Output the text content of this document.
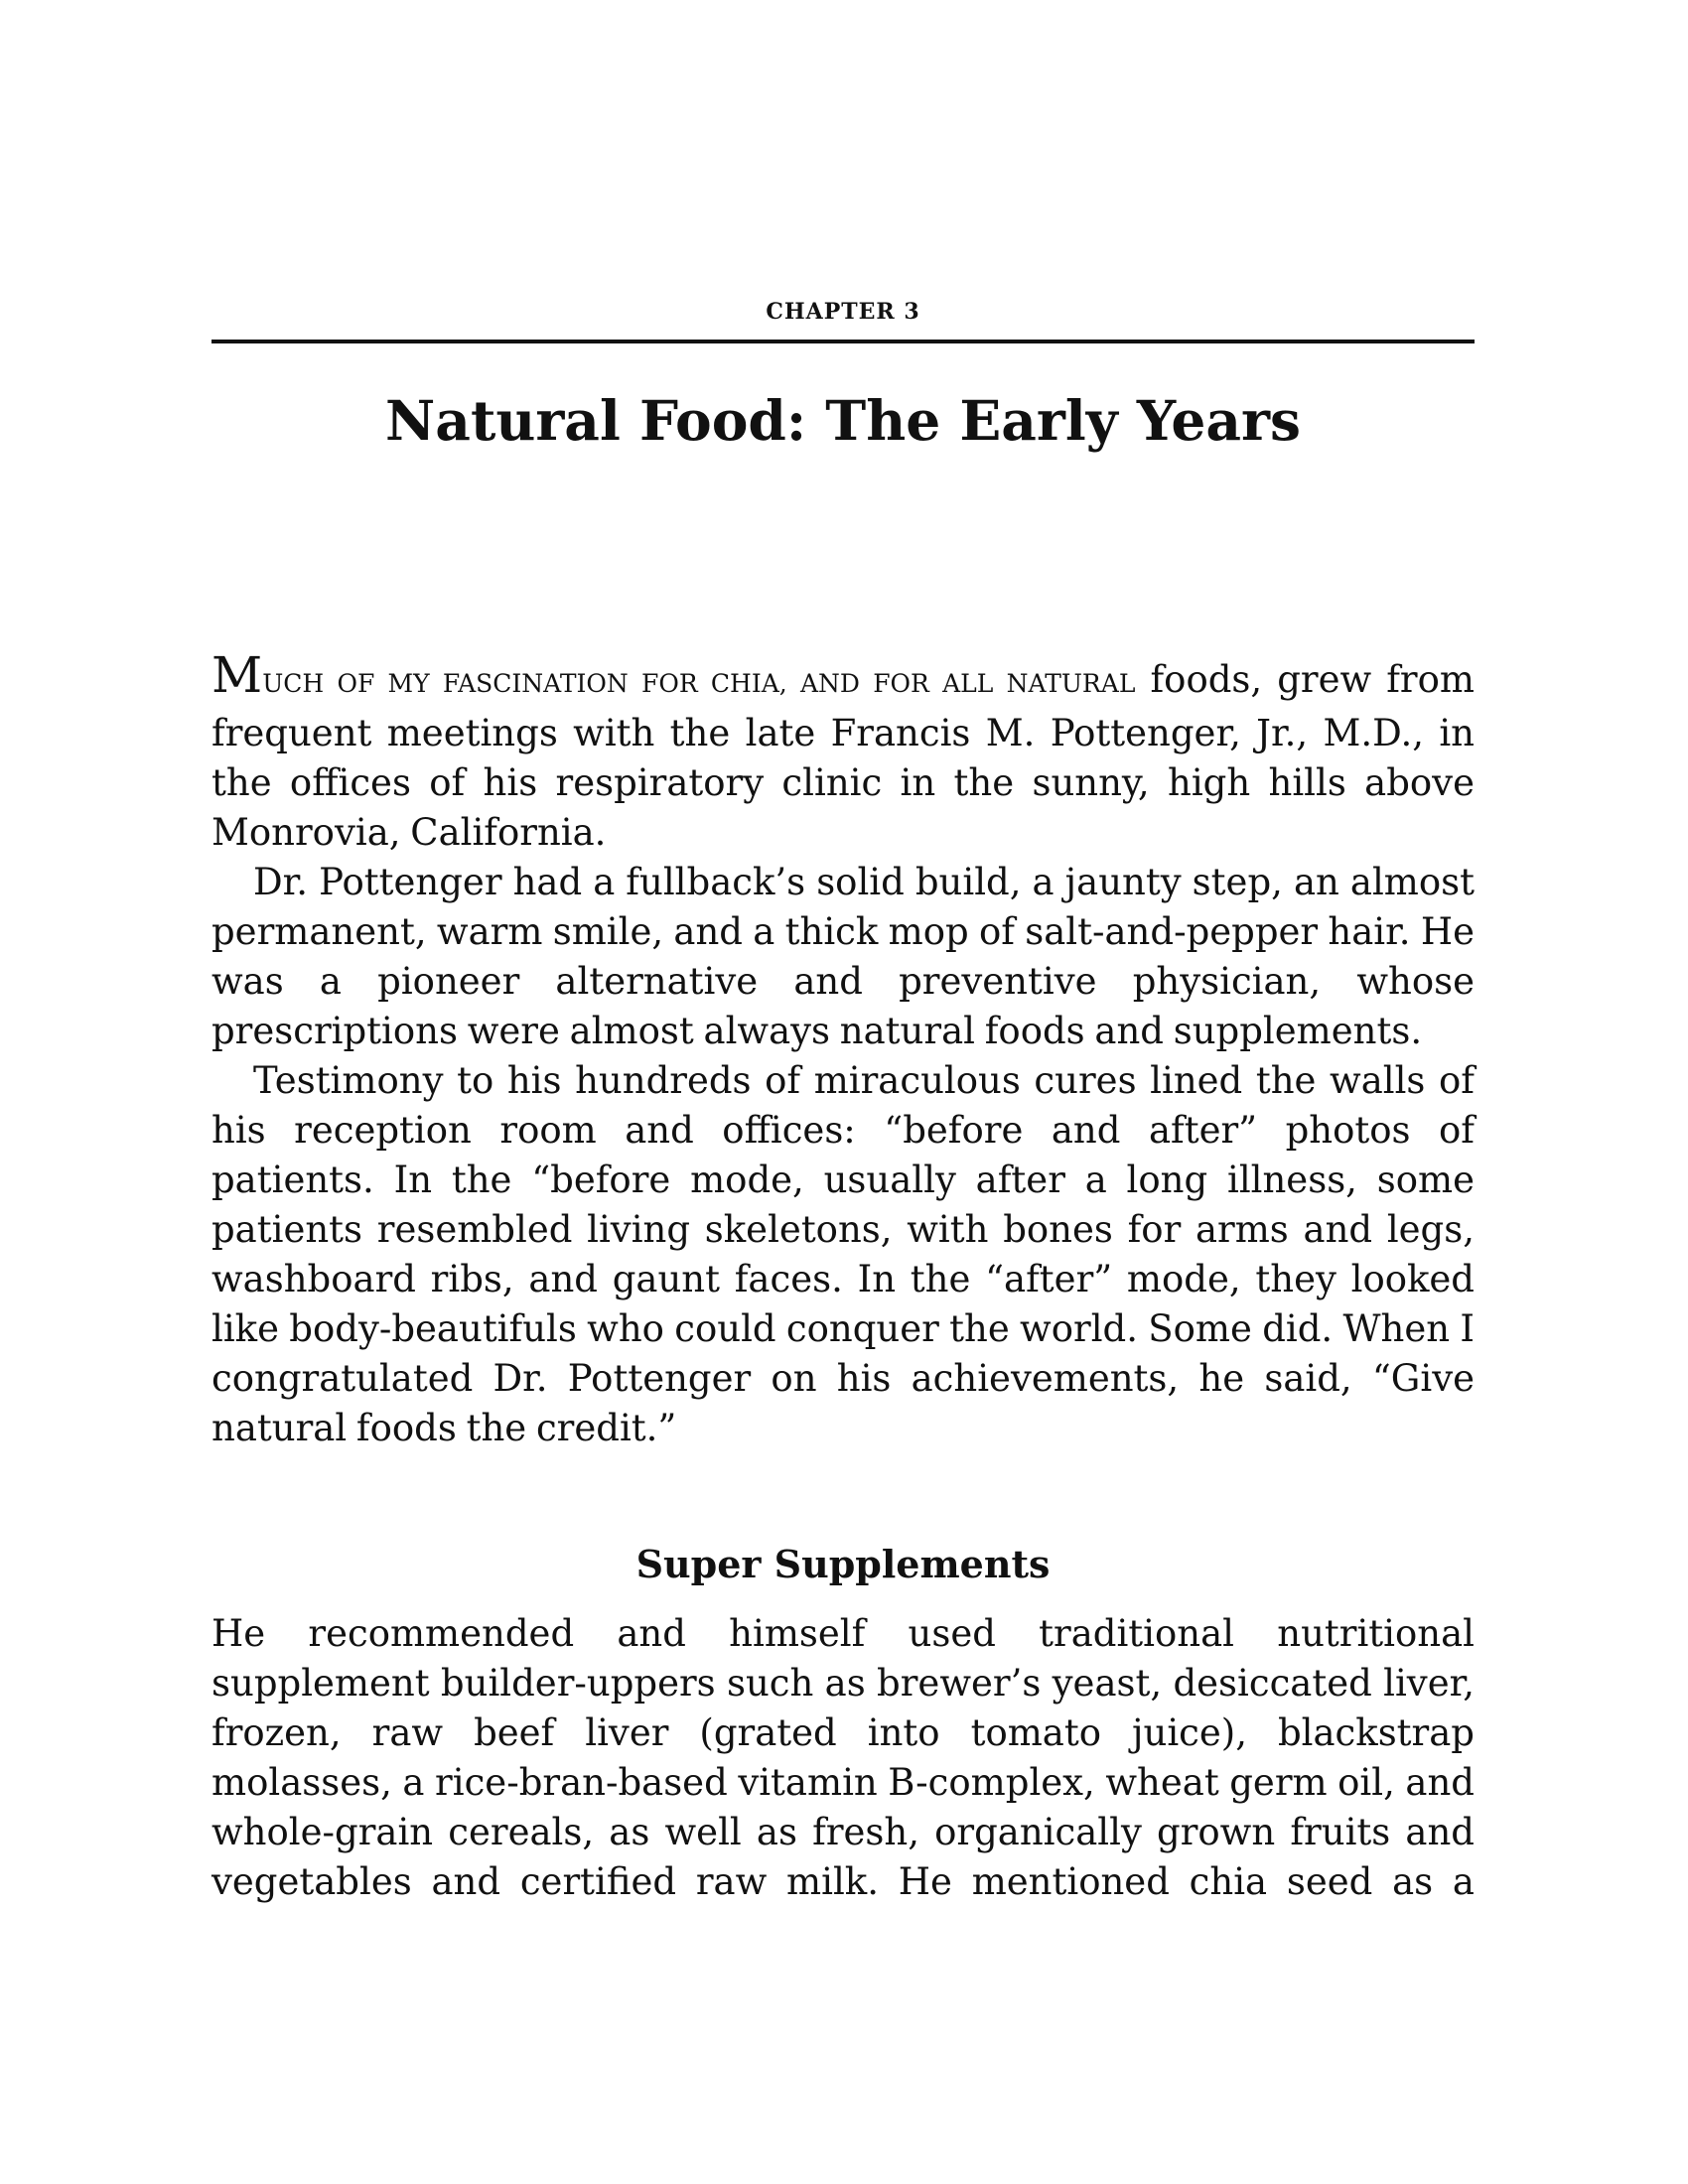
CHAPTER 3
Natural Food: The Early Years

MUCH OF MY FASCINATION FOR CHIA, AND FOR ALL NATURAL foods, grew from frequent meetings with the late Francis M. Pottenger, Jr., M.D., in the offices of his respiratory clinic in the sunny, high hills above Monrovia, California.

Dr. Pottenger had a fullback’s solid build, a jaunty step, an almost permanent, warm smile, and a thick mop of salt-and-pepper hair. He was a pioneer alternative and preventive physician, whose prescriptions were almost always natural foods and supplements.

Testimony to his hundreds of miraculous cures lined the walls of his reception room and offices: “before and after” photos of patients. In the “before mode, usually after a long illness, some patients resembled living skeletons, with bones for arms and legs, washboard ribs, and gaunt faces. In the “after” mode, they looked like body-beautifuls who could conquer the world. Some did. When I congratulated Dr. Pottenger on his achievements, he said, “Give natural foods the credit.”

Super Supplements

He recommended and himself used traditional nutritional supplement builder-uppers such as brewer’s yeast, desiccated liver, frozen, raw beef liver (grated into tomato juice), blackstrap molasses, a rice-bran-based vitamin B-complex, wheat germ oil, and whole-grain cereals, as well as fresh, organically grown fruits and vegetables and certified raw milk. He mentioned chia seed as a
